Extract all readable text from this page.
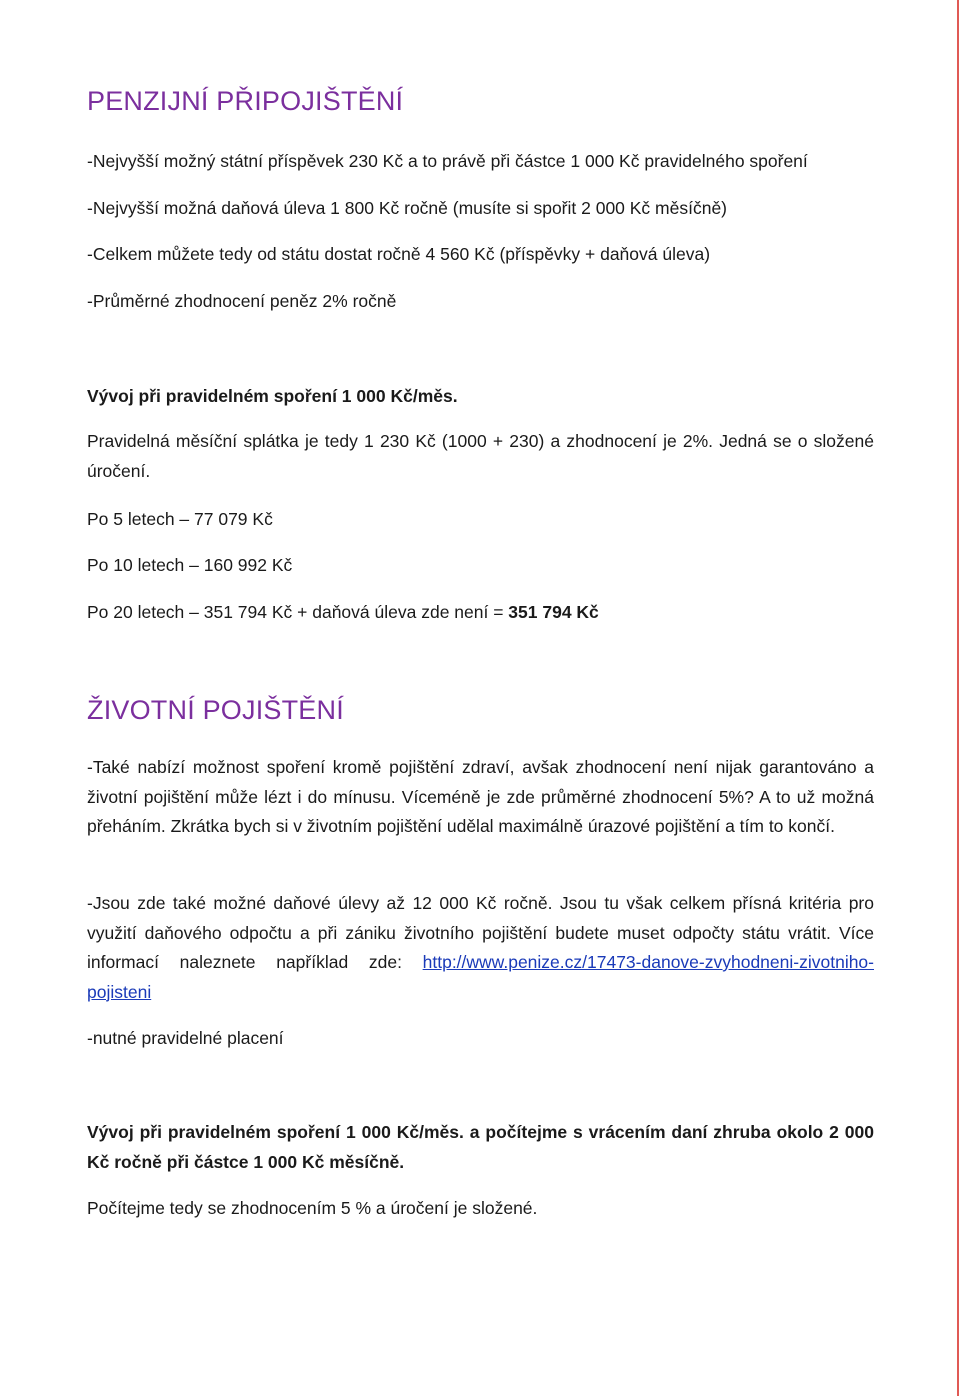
PENZIJNÍ PŘIPOJIŠTĚNÍ

-Nejvyšší možný státní příspěvek 230 Kč a to právě při částce 1 000 Kč pravidelného spoření

-Nejvyšší možná daňová úleva 1 800 Kč ročně (musíte si spořit 2 000 Kč měsíčně)

-Celkem můžete tedy od státu dostat ročně 4 560 Kč (příspěvky + daňová úleva)

-Průměrné zhodnocení peněz 2% ročně

Vývoj při pravidelném spoření 1 000 Kč/měs.

Pravidelná měsíční splátka je tedy 1 230 Kč (1000 + 230) a zhodnocení je 2%. Jedná se o složené úročení.

Po 5 letech – 77 079 Kč

Po 10 letech – 160 992 Kč

Po 20 letech – 351 794 Kč + daňová úleva zde není = 351 794 Kč

ŽIVOTNÍ POJIŠTĚNÍ

-Také nabízí možnost spoření kromě pojištění zdraví, avšak zhodnocení není nijak garantováno a životní pojištění může lézt i do mínusu. Víceméně je zde průměrné zhodnocení 5%? A to už možná přeháním. Zkrátka bych si v životním pojištění udělal maximálně úrazové pojištění a tím to končí.

-Jsou zde také možné daňové úlevy až 12 000 Kč ročně. Jsou tu však celkem přísná kritéria pro využití daňového odpočtu a při zániku životního pojištění budete muset odpočty státu vrátit. Více informací naleznete například zde: http://www.penize.cz/17473-danove-zvyhodneni-zivotniho-pojisteni

-nutné pravidelné placení

Vývoj při pravidelném spoření 1 000 Kč/měs. a počítejme s vrácením daní zhruba okolo 2 000 Kč ročně při částce 1 000 Kč měsíčně.

Počítejme tedy se zhodnocením 5 % a úročení je složené.
